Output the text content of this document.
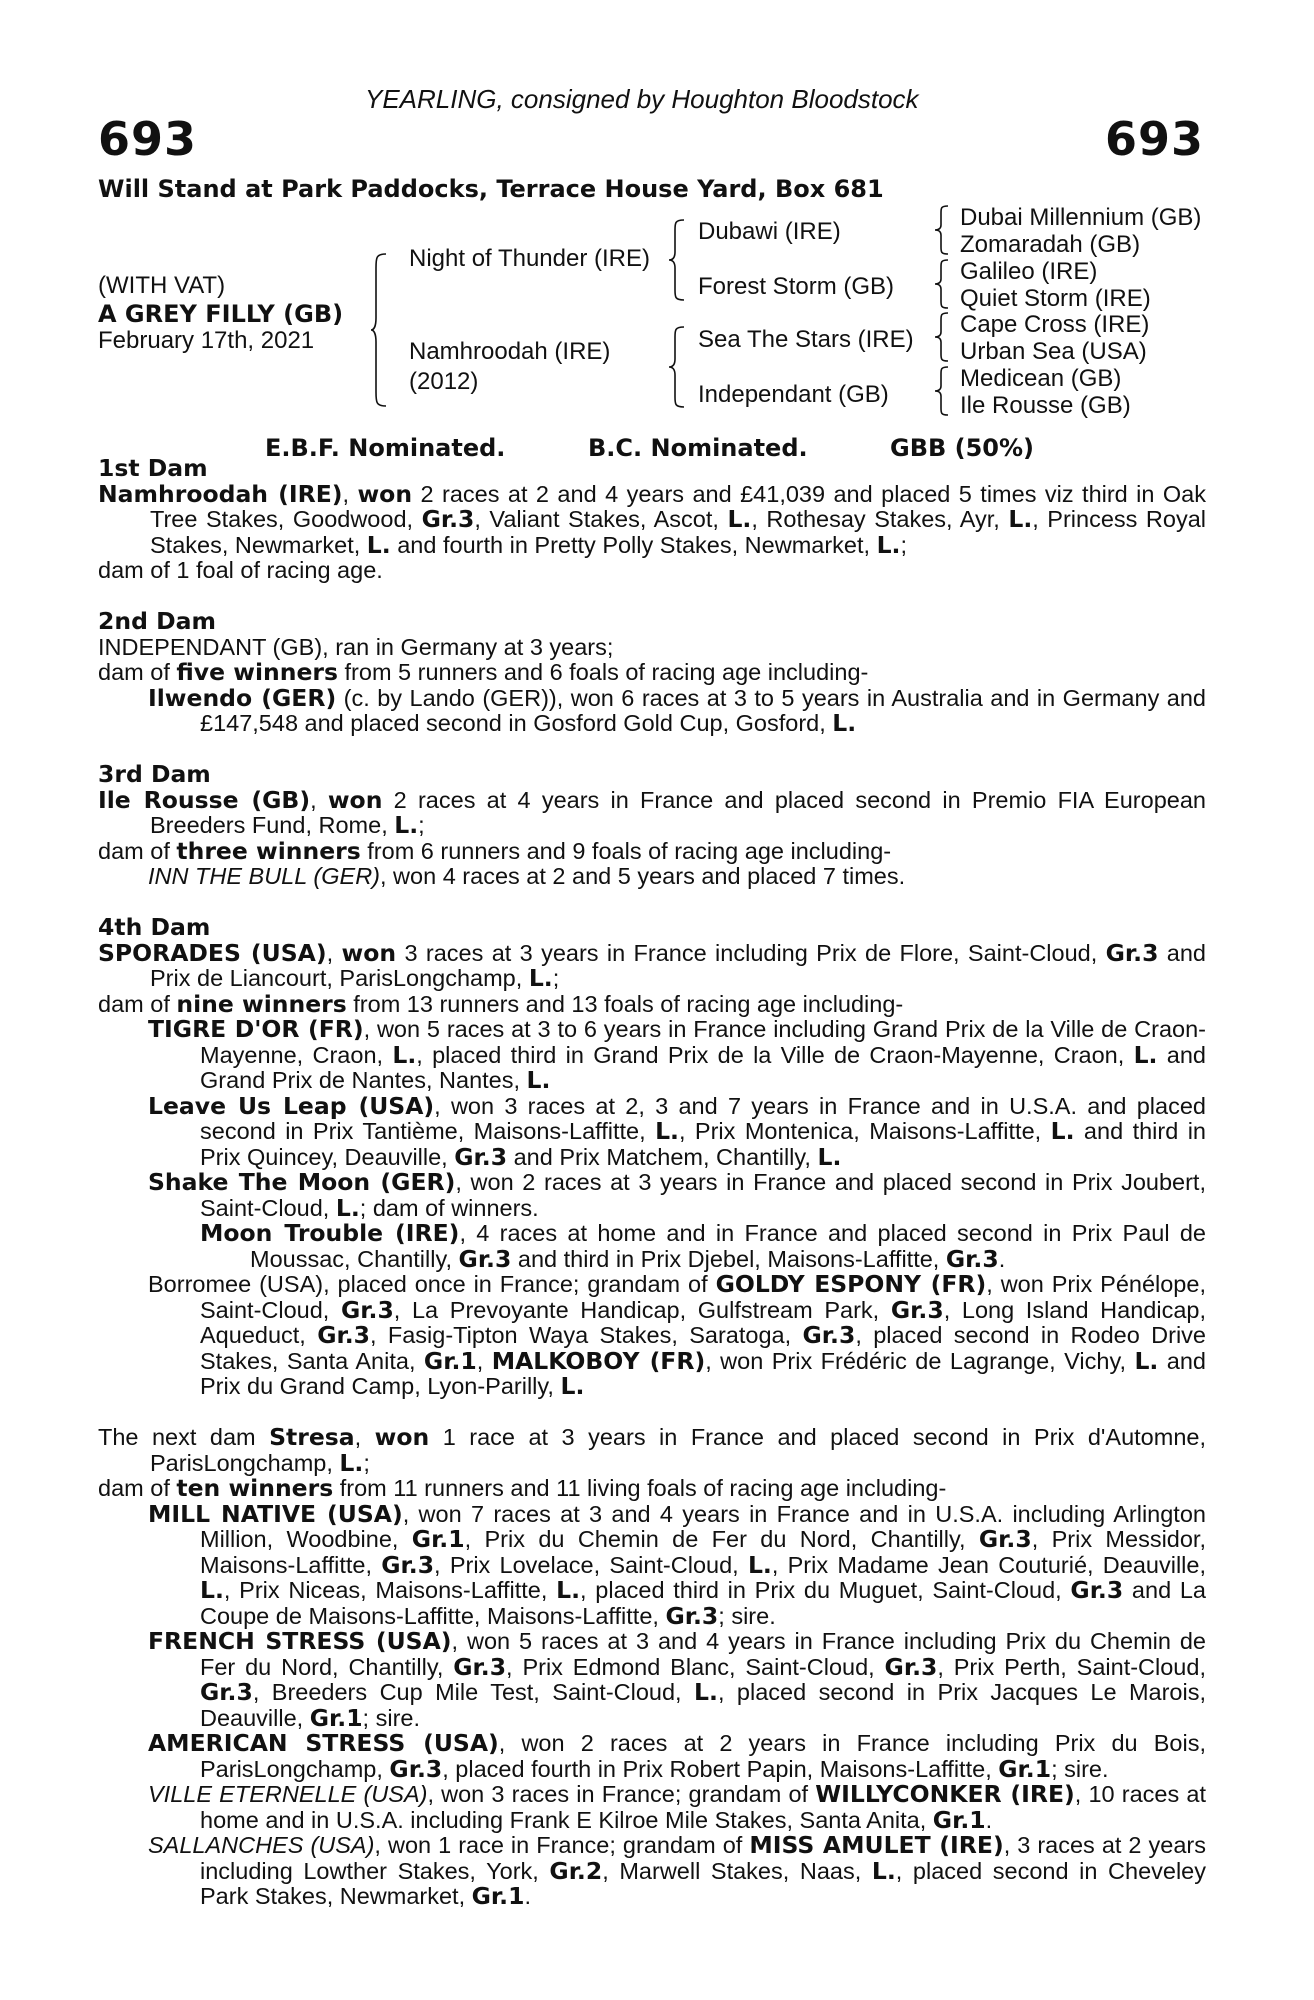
YEARLING, consigned by Houghton Bloodstock
693	693
Will Stand at Park Paddocks, Terrace House Yard, Box 681
(WITH VAT)
A GREY FILLY (GB)
February 17th, 2021
Night of Thunder (IRE)
Namhroodah (IRE)
(2012)
Dubawi (IRE)
Forest Storm (GB)
Sea The Stars (IRE)
Independant (GB)
Dubai Millennium (GB)
Zomaradah (GB)
Galileo (IRE)
Quiet Storm (IRE)
Cape Cross (IRE)
Urban Sea (USA)
Medicean (GB)
Ile Rousse (GB)
E.B.F. Nominated.	B.C. Nominated.	GBB (50%)

1st Dam

Namhroodah (IRE), won 2 races at 2 and 4 years and £41,039 and placed 5 times viz third in Oak Tree Stakes, Goodwood, Gr.3, Valiant Stakes, Ascot, L., Rothesay Stakes, Ayr, L., Princess Royal Stakes, Newmarket, L. and fourth in Pretty Polly Stakes, Newmarket, L.;

dam of 1 foal of racing age.

2nd Dam

INDEPENDANT (GB), ran in Germany at 3 years;

dam of five winners from 5 runners and 6 foals of racing age including-

Ilwendo (GER) (c. by Lando (GER)), won 6 races at 3 to 5 years in Australia and in Germany and £147,548 and placed second in Gosford Gold Cup, Gosford, L.

3rd Dam

Ile Rousse (GB), won 2 races at 4 years in France and placed second in Premio FIA European Breeders Fund, Rome, L.;

dam of three winners from 6 runners and 9 foals of racing age including-

INN THE BULL (GER), won 4 races at 2 and 5 years and placed 7 times.

4th Dam

SPORADES (USA), won 3 races at 3 years in France including Prix de Flore, Saint-Cloud, Gr.3 and Prix de Liancourt, ParisLongchamp, L.;

dam of nine winners from 13 runners and 13 foals of racing age including-

TIGRE D'OR (FR), won 5 races at 3 to 6 years in France including Grand Prix de la Ville de Craon-Mayenne, Craon, L., placed third in Grand Prix de la Ville de Craon-Mayenne, Craon, L. and Grand Prix de Nantes, Nantes, L.

Leave Us Leap (USA), won 3 races at 2, 3 and 7 years in France and in U.S.A. and placed second in Prix Tantième, Maisons-Laffitte, L., Prix Montenica, Maisons-Laffitte, L. and third in Prix Quincey, Deauville, Gr.3 and Prix Matchem, Chantilly, L.

Shake The Moon (GER), won 2 races at 3 years in France and placed second in Prix Joubert, Saint-Cloud, L.; dam of winners.

Moon Trouble (IRE), 4 races at home and in France and placed second in Prix Paul de Moussac, Chantilly, Gr.3 and third in Prix Djebel, Maisons-Laffitte, Gr.3.

Borromee (USA), placed once in France; grandam of GOLDY ESPONY (FR), won Prix Pénélope, Saint-Cloud, Gr.3, La Prevoyante Handicap, Gulfstream Park, Gr.3, Long Island Handicap, Aqueduct, Gr.3, Fasig-Tipton Waya Stakes, Saratoga, Gr.3, placed second in Rodeo Drive Stakes, Santa Anita, Gr.1, MALKOBOY (FR), won Prix Frédéric de Lagrange, Vichy, L. and Prix du Grand Camp, Lyon-Parilly, L.

The next dam Stresa, won 1 race at 3 years in France and placed second in Prix d'Automne, ParisLongchamp, L.;

dam of ten winners from 11 runners and 11 living foals of racing age including-

MILL NATIVE (USA), won 7 races at 3 and 4 years in France and in U.S.A. including Arlington Million, Woodbine, Gr.1, Prix du Chemin de Fer du Nord, Chantilly, Gr.3, Prix Messidor, Maisons-Laffitte, Gr.3, Prix Lovelace, Saint-Cloud, L., Prix Madame Jean Couturié, Deauville, L., Prix Niceas, Maisons-Laffitte, L., placed third in Prix du Muguet, Saint-Cloud, Gr.3 and La Coupe de Maisons-Laffitte, Maisons-Laffitte, Gr.3; sire.

FRENCH STRESS (USA), won 5 races at 3 and 4 years in France including Prix du Chemin de Fer du Nord, Chantilly, Gr.3, Prix Edmond Blanc, Saint-Cloud, Gr.3, Prix Perth, Saint-Cloud, Gr.3, Breeders Cup Mile Test, Saint-Cloud, L., placed second in Prix Jacques Le Marois, Deauville, Gr.1; sire.

AMERICAN STRESS (USA), won 2 races at 2 years in France including Prix du Bois, ParisLongchamp, Gr.3, placed fourth in Prix Robert Papin, Maisons-Laffitte, Gr.1; sire.

VILLE ETERNELLE (USA), won 3 races in France; grandam of WILLYCONKER (IRE), 10 races at home and in U.S.A. including Frank E Kilroe Mile Stakes, Santa Anita, Gr.1.

SALLANCHES (USA), won 1 race in France; grandam of MISS AMULET (IRE), 3 races at 2 years including Lowther Stakes, York, Gr.2, Marwell Stakes, Naas, L., placed second in Cheveley Park Stakes, Newmarket, Gr.1.
